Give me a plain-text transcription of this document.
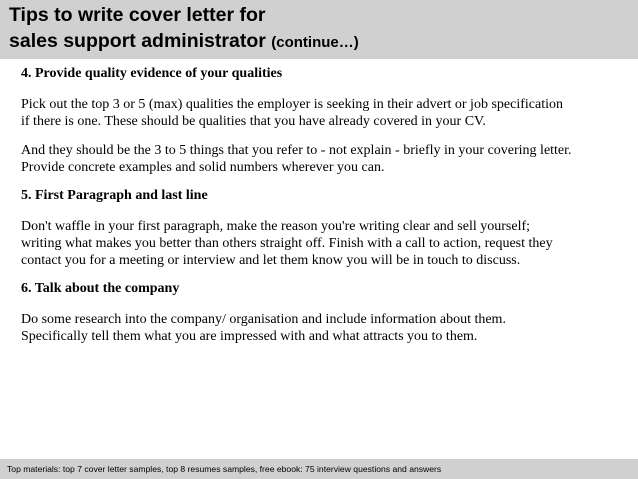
Tips to write cover letter for
sales support administrator (continue…)

4. Provide quality evidence of your qualities

Pick out the top 3 or 5 (max) qualities the employer is seeking in their advert or job specification
if there is one. These should be qualities that you have already covered in your CV.

And they should be the 3 to 5 things that you refer to - not explain - briefly in your covering letter.
Provide concrete examples and solid numbers wherever you can.

5. First Paragraph and last line

Don't waffle in your first paragraph, make the reason you're writing clear and sell yourself;
writing what makes you better than others straight off. Finish with a call to action, request they
contact you for a meeting or interview and let them know you will be in touch to discuss.

6. Talk about the company

Do some research into the company/ organisation and include information about them.
Specifically tell them what you are impressed with and what attracts you to them.

Top materials: top 7 cover letter samples, top 8 resumes samples, free ebook: 75 interview questions and answers
